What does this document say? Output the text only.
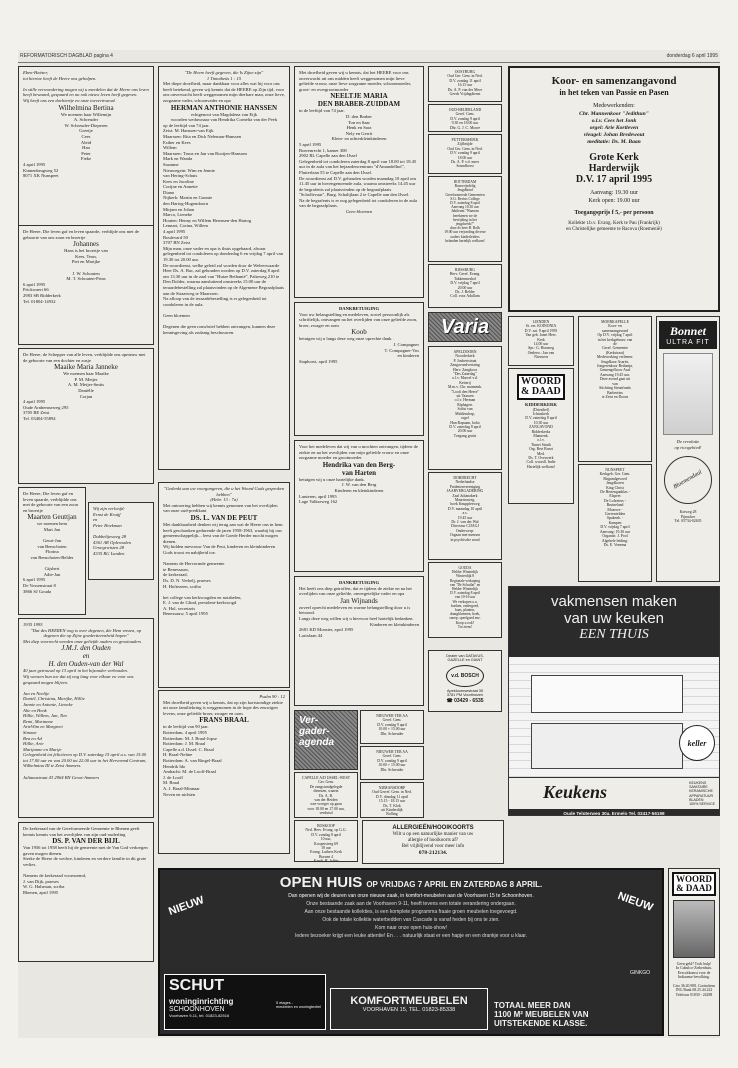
REFORMATORISCH DAGBLAD pagina 4	donderdag 6 april 1995

Eben-Haëzer,
tot hiertoe heeft de Heere ons geholpen.

In stille verwondering mogen wij u meedelen dat de Heere ons leven heeft bewaard, gespaard en nu ook nieuw leven heeft gegeven.
Wij heeft ons een dochtertje en onze toevertrouwd.

Wilhelmina Bertina

We noemen haar Willemijn

A. Schreuder
W. Schreuder-Dieperen
Greetje
Cees
Aleid
Han
Peter
Fieke

4 april 1995
Kinnenbrugweg 52
8071 XK Nunspeet

De Heere, Die leven gaf en leven spaarde, verblijde ons met de geboorte van ons zoon en broertje

Johannes

Hans is het broertje van

Kees, Teun,
Piet en Marijke

J. W. Schouten
M. T. Schouten-Prins

6 april 1995
Prickwaert 66
2983 SB Ridderkerk
Tel. 01804-14932

De Heere, de Schepper van alle leven, verblijdde ons opnieuw met de geboorte van een dochter en zusje

Maaike Maria Janneke

We noemen haar Maaike

P. M. Meijer
A. M. Meijer-Smits
Daniëlle
Corjan

4 april 1995
Oude Arnhemseweg 295
3705 BE Zeist
Tel. 03404-55894

De Heere, Die leven gaf en leven spaarde, verblijdde ons met de geboorte van een zoon en broertje

Maarten Geuttjan

we noemen hem
Mart Jan

Geurt-Jan
van Benschoten
Florina
van Benschoten-Belder

Gijsbert
Adie-Jan

6 april 1995
De Vossenstraat 8
3866 SJ Gouda

Wij zijn verloofd:
Ernst de Kruijf
en
Peter Hoekman

Dubbeltjesweg 28
4361 AR Oplewoden
Urnegrwisten 28
4335 RG Lunden

1935 1995

"Dat des HEEREN oog is over degenen, die Hem vrezen, op degenen die op Zijne goedertierenheid hopen"

Met diep voorrecht wenden onze geliefde ouders en grootouders

J.M.J. den Ouden
en
H. den Ouden-van der Wal

40 jaar getrouwd op 13 april in het bijzonder verbonden.
Wij wensen hun toe dat zij nog lang voor elkaar en voor ons gespaard mogen blijven.

Jan en Neeltje
Daniël, Christina, Marijke, Hillie
Jannie en Antonie, Lieneke
Alie en Henk
Hillie, Willem, Jan, Tim
Remi, Marianne
ArieWim en Margreet
Simone
Bea en Ad
Hillie, Arie
Marijanne en Marije

Gelegenheid tot feliciteren op D.V. zaterdag 15 april a.s. van 15.00 tot 17.00 uur en van 20.00 tot 22.00 uur in het Hervormd Centrum, Wilhelmina III te Zeist Ammers.

Julianastraat 43 2964 BN Groot-Ammers

De kerkeraad van de Gereformeerde Gemeente te Rhenen geeft kennis kennis van het overlijden van zijn oud-ouderling

DS. P. VAN DER BIJL

Van 1956 tot 1958 heeft hij de gemeente met de Van God verkregen gaven mogen dienen.
Sterke de Heere de wedwe, kinderen en verdere familie in dit grote verlies.

Namens de kerkeraad voornoemd,
J. van Dijk, praeses
W. G. Halsman, scriba

Rhenen, april 1995

"De Heere heeft gegeven, die Is Zijne zijn"
1 Timotheüs 1 : 15

Met diepe droefheid, maar dankbaar voor alles wat hij voor ons heeft betekend, geven wij kennis dat de HEERE op Zijn tijd, voor ons onverwacht heeft weggenomen mijn dierbare man, onze lieve, zorgzame vader, schoonvader en opa

HERMAN ANTHONIE HANSSEN

echtgenoot van Magdalena van Eijk
woorden weduwnaar van Hendrika Cornelia van der Peek

op de leeftijd van 74 jaar.

Zeist: M. Hanssen-van Eijk
Maarssen: Rita en Dick Neleman-Hanssen
Esther en Kees
Willem
Maarssen: Truus en Jan van Rooijen-Hanssen
Mark en Wanda
Suzanne
Nieuwegein: Wim en Jennie
van Hering-Schuts
Kees en Jacoline
Corijne en Annette
Diana
Nijkerk: Martin en Gonnie
den Hartog-Hogendoorn
Mirjam en Johan
Marco, Lieneke
Houten: Henny en Willem Hermsen-den Hartog
Lennart, Corina, Willem

4 april 1995
Boulevard 50
3707 BN Zeist

Mijn man, onze vader en opa is thuis opgebaard, alwaar gelegenheid tot condoleren op donderdag 6 en vrijdag 7 april van 19.30 tot 20.00 uur.
De rouwdienst, welke geleid zal worden door de Weleerwaarde Heer Ds. A. Bac, zal gehouden worden op D.V. zaterdag 8 april om 13.30 uur in de zaal van "Huize Bethanië", Paltzweg 210 te Den Dolder, waarna aansluitend omstreeks 15.00 uur de teraardebestelling zal plaatsvinden op de Algemene Begraafplaats aan de Straatweg te Maarssen.
Na afloop van de teraardebestelling is er gelegenheid tot condoleren in de aula.

Geen bloemen

Degenen die geen rouwbrief hebben ontvangen, kunnen deze kennisgeving als zodanig beschouwen.

"Gedenkt aan uw voorgangeren, die u het Woord Gods gesproken hebben"
(Hebr. 13 : 7a)

Met ontroering hebben wij kennis genomen van het overlijden van onze oud-predikant

DS. L. VAN DE PEUT

Met dankbaarheid denken wij terug aan wat de Heere ons in hem heeft geschonken gedurende de jaren 1958-1963, waarbij hij ons gemeenschappelijk... leest van de Goede Herder mocht mogen dienen.
Wij bidden mevrouw Van de Peut, kinderen en kleinkinderen Gods troost en nabijheid toe.

Namens de Hervormde gemeente
te Benessauw,
de kerkeraad,
Ds. D. N. Verhelj, praeses
H. Hoftezeen, scriba

het college van kerkvoogden en notabelen,
E. J. van de Glind, president-kerkvoogd
A. Hol, secretaris

Benessauw, 5 april 1995

Psalm 90 : 12

Met droefheid geven wij u kennis, dat op zijn kortstondige ziekte uit onze familiekring is weggenomen in de hope des eeuwigen levens, onze geliefde broer, zwager en oom

FRANS BRAAL

in de leeftijd van 90 jaar.

Rotterdam, 4 april 1995

Rotterdam: M. J. Braal-Jopse
Rotterdam: J. M. Braal
Capelle a.d. IJssel: C. Braal
H. Braal-Neline
Rotterdam: A. van Ringel-Braal
Hendrik Ido
Ambacht: M. de Looff-Braal
J. de Looff
M. Braal
A. J. Braal-Minnaar
Neven en nichten

Met droefheid geven wij u kennis, dat het HEERE voor ons onverwacht uit ons midden heeft weggenomen mijn lieve geliefde vrouw, onze lieve zorgzame moeder, schoonmoeder, groot- en overgrootmoeder

NEELTJE MARIA
DEN BRABER-ZUIDDAM

in de leeftijd van 74 jaar.

D. den Braber
Ton en Saar
Henk en Sara
Nely en Gerrit
Klein- en achterkleinkinderen

5 april 1995
Boerenrecht 1, kamer 308
2902 RL Capelle aan den IJssel

Gelegenheid tot condoleren zaterdag 8 april van 18.00 tot 18.45 uur in de aula van het bejaardencentrum "d'Amandelhof", Flutterlaan 55 te Capelle aan den IJssel.
De rouwdienst zal D.V. gehouden worden maandag 10 april om 11.45 uur in bovengenoemde aula, waarna omstreeks 14.45 uur de begrafenis zal plaatsvinden op de begraafplaats "Schollevaar", Burg. Schalijlaan 2 te Capelle aan den IJssel.
Na de begrafenis is er nog gelegenheid tot condoleren in de aula van de begraafplaats.

Geen bloemen

DANKBETUIGING

Voor uw belangstelling en medeleven, zowel persoonlijk als schriftelijk, ontvangen na het overlijden van onze geliefde zoon, broer, zwager en oom

Koob

betuigen wij u langs deze weg onze oprechte dank.

J. Compagner
T. Compagner-Vos
en kinderen

Staphorst, april 1995

Voor het medeleven dat wij van u mochten ontvangen, tijdens de ziekte en na het overlijden van mijn geliefde vrouw en onze zorgzame moeder en grootmoeder

Hendrika van den Berg-
van Harten

betuigen wij u onze hartelijke dank.

J. W. van den Berg
Kinderen en kleinkinderen

Lunteren, april 1995
Lage Valkseweg 162

DANKBETUIGING

Het heeft ons diep getroffen, dat er tijdens de ziekte en na het overlijden van onze geliefde, onvergetelijke vader en opa

Jan Wijnands

zoveel oprecht medeleven en warme belangstelling door u is betoond.
Langs deze weg willen wij u hiervoor heel hartelijk bedanken.

Kinderen en kleinkinderen

2681 KD Monster, april 1995
Larixlaan 44

Ver-
gader-
agenda

CAPELLE A/D IJSSEL-WEST
Ger. Gem.
De zangstondgelegde
diensten, waarin
Ds. A. B.
van der Heiden
wee vroeger op gaan
voor 18.00 en 17.00 uur,
verduisd

BOSKOOP
Ned. Herv. Evang. op G.G.
D.V. zondag 8 april
10 uur,
Koopersteeg 69
18 uur
Evang. Luthers Kerk
Bornen 4
Kandi. H. Jaffée

NIEUWER TER AA
Geref. Gem.
D.V. zondag 9 april
10.00 + 15.00 uur
Dhr. Schreuder

NIEUWER TER AA
Geref. Gem.
D.V. zondag 9 april
10.00 + 15.00 uur
Dhr. Schreuder

NIJMANSDORP
Oud Gerref. Gem. in Ned.
D.V. dinsdag 11 april
15.15 - 18.15 uur
Ds. T. Klok
uit Kinderdijk
Bolling

OOSTBURG
Oud Ger. Gem. in Ned.
D.V. zondag 11 april
16.15 uur
Ds. A. P. van der Meer
Geeds Vrijdagdienst

OUD-BEIJERLAND
Geref. Gem.
D.V. zondag 9 april
9.30 en 18.00 uur
Dhr. G. J. C. Moore

PUTTERSHOEK
Zijlbrüjde
Oud Ger. Gem. in Ned.
D.V. zondag 9 april
18.00 uur
Ds. A. P. v.d. meer
Soundhorst

ROTTERDAM
Buurvrijsdelig
Jeugdbond
Gereformeerde Gemeenten
S.G. Revius College
D.V. zaterdag 8 april
Aanvang 10.30 uur
Jubileum "Waarom
berekenen we de
bevrijding in het
jeugdwerk?"
door ds heer B. Bolk
19.00 uur verjonding diverse
ouders kinderleiders
belanden hartelijk welkom!

RIJSSBURG
Herv. Geref. Evang.
Takkenmeshol
D.V. vrijdag 7 april
20.00 uur
Ds. J. Belder
Coll. voor Adullam

Varia

APELDOORN
Noorderkerk
P. Joubertstraat
Zangavondvertaing
Herv. Zangkoor
"Des Zaterdag"
o.l.v. Marcel v.d.
Ketterij
M.m.v. Chr. mannenk.
"Looft den Heere"
uit Vaassen
o.l.v. Herman
Riphagen.
Solist van
Middendorp,
orgel
Han Rapuam, hobo
D.V. zaterdag 8 april
20.00 uur
Toegang gratis

DORDRECHT
Nederlandse
Patiëntenvereniging
JAARVERGADERING
Zaal Julianakerk
Maarttraweg,
hoek Knupplesweg
D.V. maandag 10 april
a.s.
19.45 uur
Dr. J. van der Wal
Directeur CJJAGJ
Onderwerp:
Orgaan met mensen
in psychische nood

GOUDA
Helder Winterdijk
Winterdijk 8
Regionale verkoping
van "De Schuilat" en
Helder Winterdijk
D.V. zaterdag 8 april
van 10-16 uur
We verkopen o.a.
boeken, ondergoed,
kaas, planten,
drangbloemen, boek,
snoep, speelgoed enz.
Koop u ook?
Tot ziens!

Dealer van DATAVUS,
GAZELLE en GIANT

v.d. BOSCH

Apeldoornsestraat 35
3781 PM Voorthuizen

☎ 03429 - 6535

Koor- en samenzangavond

in het teken van Passie en Pasen

Medewerkenden:

Chr. Mannenkoor "Jedithun"
o.l.v. Cees het Jonk
orgel: Arie Kortleven
vleugel: Johan Bredewout
meditatie: Ds. M. Baan

Grote Kerk
Harderwijk
D.V. 17 april 1995

Aanvang: 19.30 uur
Kerk open: 19.00 uur

Toegangsprijs f 5,- per persoon

Kollekte t.b.v. Evang. Kerk te Pau (Frankrijk)
en Christelijke gemeente te Racova (Roemenië)

LIENDEN
St. ver. KOINONIA
D.V. zat. 8 april 1995
Van geb. Janet Herv.
Kerk
14.00 uur
Spr.: G. Hoomeg
Onderw.: Jan van
Nieuwen

WOORD
& DAAD

KIDDERKERK

(Driestbel)
Ichtuskerk
D.V. zaterdag 8 april
10.30 uur
ZANGAVOND
Ridderkerks
Mannenk.
o.l.v.
Tinnet Struik
Org. Bert Boezt
Med.
Ds. T. Overwerk
Coll. woordl. Indie
Hartelijk welkom!

MOERKAPELLE
Koor- en
samenzangavond
Op D.V. vrijdag 7 april
in het kerkgebouw van
de
Geref. Gemeente
(Kerkstraat)
Medewerking verlenen:
Jeugdkoor Asaréa,
Jongerenkoor Bethanja,
Gemengd koor Asaf
Aanvang 19.45 uur.
Deze avond gaat uit
van
Stichting Steunfonds
Barbertins
te Zeist en Doorn

NUNSPEET
Kerkgeb. Ger. Gem.
Birgundgevoed
Jeugdkoren
King Christ
De Hertenganklas -
Elspeet
De Lofzeters -
Bruineland
Mozewe -
Gereentelden
Spakenb. -
Kampen
D.V. vrijdag 7 april
Aanvang: 19.30 uur
Organist: J. Pool
Algehele leiding:
Ds. E. Venema

Bonnet
ULTRA FIT

De revolutie
op ricogebied!

Bloemendaal

Kotweg 28
Pijnacker
Tel. 05734-02635

vakmensen maken

van uw keuken

EEN THUIS

keller
Keukens	KEUKENS
SANITAIRE
KERAMISCHE
APPARATUUR
BLADEN
100% SERVICE

Oude Telgterweg 30a, Ermelo Tel. 03417-56198

ALLERGIEËN/HOOIKOORTS

Wilt u op een natuurlijke manier van uw

allergie of hooikoorts af?

Bel vrijblijvend voor meer info

078-212134.

NIEUW	NIEUW
OPEN HUIS OP VRIJDAG 7 APRIL EN ZATERDAG 8 APRIL.

Dan openen wij de deuren van onze nieuwe zaak, in komfort-meubelen aan de Voorhaven 15 te Schoonhoven.

Onze bestaande zaak aan de Voorhaven 9-11, heeft tevens een totale verandering ondergaan.

Aan onze bestaande kollekties, is een komplete programma fraaie groen meubelen toegevoegd.

Ook de totale kollektie waterbedden van Cascade is vanaf heden bij ons te zien.

Kom naar onze open huis-show!

Iedere bezoeker krijgt een leuke attentie! En . . . natuurlijk staat er een hapje en een drankje voor u klaar.

SCHUT
woninginrichting
SCHOONHOVEN
Voorhaven 9-11, tel. 01823-82516
5 etages -
meubelen en woningtextiel
KOMFORTMEUBELEN
VOORHAVEN 15, TEL. 01823-85338	TOTAAL MEER DAN
1100 M² MEUBELEN VAN
UITSTEKENDE KLASSE.
GINKGO
WOORD
& DAAD

Geen geld? Toch hulp!
In Cubulco-Ziekenhuis.
Een uitkomst voor de
Indiaanse bevolking.

Giro 36.20.908, Gorinchem
ING Bank 68.25.44.222
Telefoon 01830 - 24288
